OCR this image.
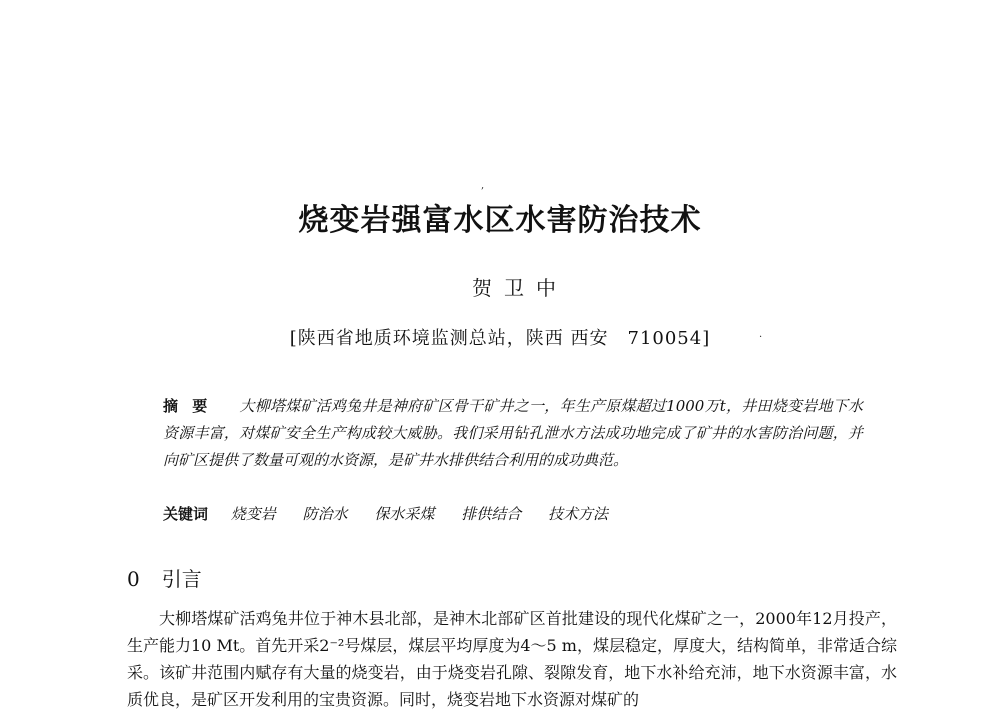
,
·
烧变岩强富水区水害防治技术
贺卫中
[陕西省地质环境监测总站，陕西 西安　710054]
摘要 大柳塔煤矿活鸡兔井是神府矿区骨干矿井之一，年生产原煤超过1000万t，井田烧变岩地下水资源丰富，对煤矿安全生产构成较大威胁。我们采用钻孔泄水方法成功地完成了矿井的水害防治问题，并向矿区提供了数量可观的水资源，是矿井水排供结合利用的成功典范。
关键词 烧变岩 防治水 保水采煤 排供结合 技术方法
0 引言
大柳塔煤矿活鸡兔井位于神木县北部，是神木北部矿区首批建设的现代化煤矿之一，2000年12月投产，生产能力10 Mt。首先开采2⁻²号煤层，煤层平均厚度为4～5 m，煤层稳定，厚度大，结构简单，非常适合综采。该矿井范围内赋存有大量的烧变岩，由于烧变岩孔隙、裂隙发育，地下水补给充沛，地下水资源丰富，水质优良，是矿区开发利用的宝贵资源。同时，烧变岩地下水资源对煤矿的
